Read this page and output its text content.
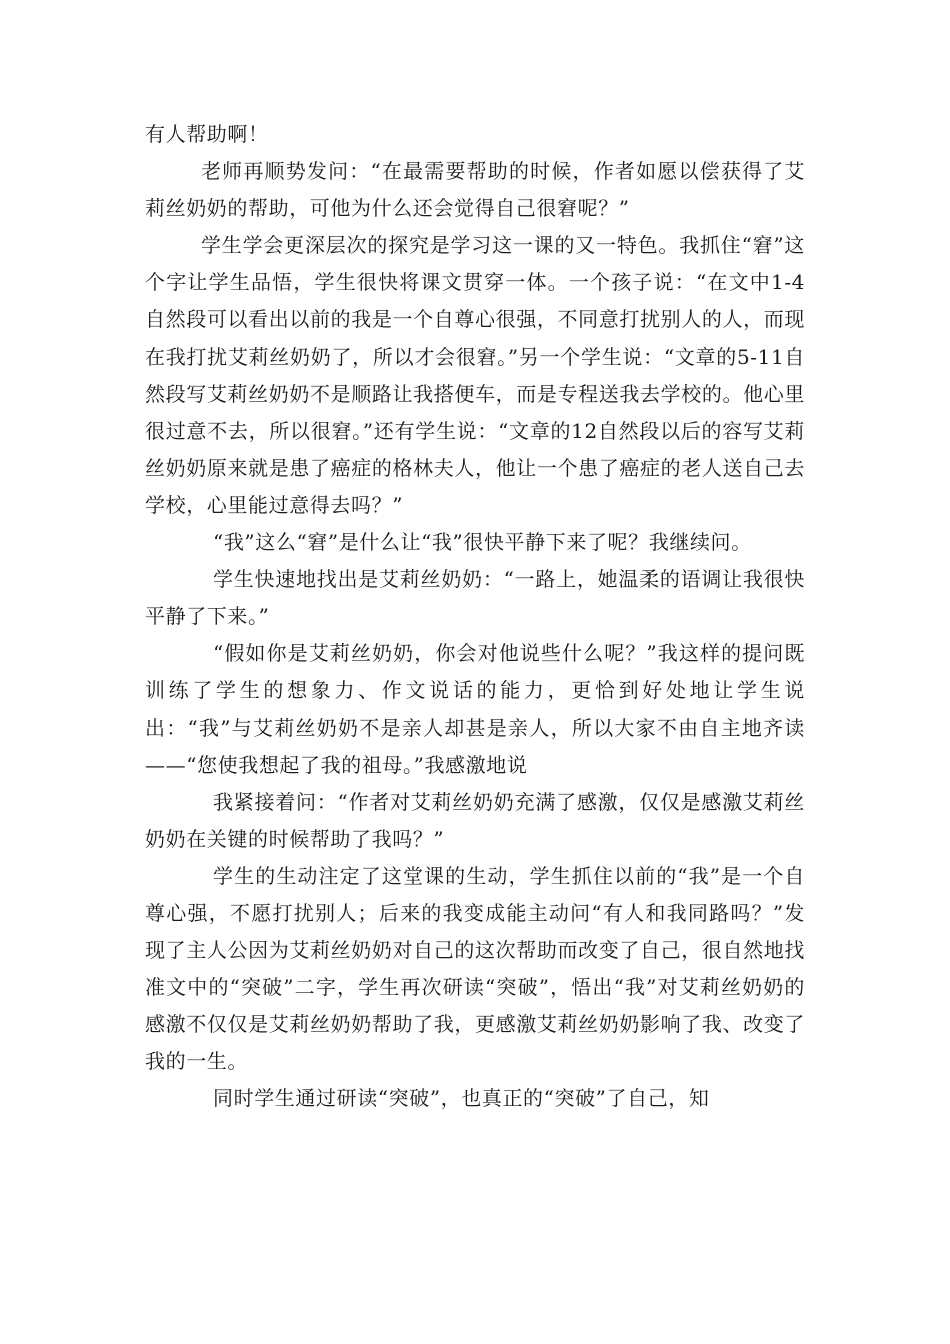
有人帮助啊！

老师再顺势发问：“在最需要帮助的时候，作者如愿以偿获得了艾莉丝奶奶的帮助，可他为什么还会觉得自己很窘呢？”

学生学会更深层次的探究是学习这一课的又一特色。我抓住“窘”这个字让学生品悟，学生很快将课文贯穿一体。一个孩子说：“在文中1-4自然段可以看出以前的我是一个自尊心很强，不同意打扰别人的人，而现在我打扰艾莉丝奶奶了，所以才会很窘。”另一个学生说：“文章的5-11自然段写艾莉丝奶奶不是顺路让我搭便车，而是专程送我去学校的。他心里很过意不去，所以很窘。”还有学生说：“文章的12自然段以后的容写艾莉丝奶奶原来就是患了癌症的格林夫人，他让一个患了癌症的老人送自己去学校，心里能过意得去吗？”

“我”这么“窘”是什么让“我”很快平静下来了呢？我继续问。

学生快速地找出是艾莉丝奶奶：“一路上，她温柔的语调让我很快平静了下来。”

“假如你是艾莉丝奶奶，你会对他说些什么呢？”我这样的提问既训练了学生的想象力、作文说话的能力，更恰到好处地让学生说出：“我”与艾莉丝奶奶不是亲人却甚是亲人，所以大家不由自主地齐读——“您使我想起了我的祖母。”我感激地说

我紧接着问：“作者对艾莉丝奶奶充满了感激，仅仅是感激艾莉丝奶奶在关键的时候帮助了我吗？”

学生的生动注定了这堂课的生动，学生抓住以前的“我”是一个自尊心强，不愿打扰别人；后来的我变成能主动问“有人和我同路吗？”发现了主人公因为艾莉丝奶奶对自己的这次帮助而改变了自己，很自然地找准文中的“突破”二字，学生再次研读“突破”，悟出“我”对艾莉丝奶奶的感激不仅仅是艾莉丝奶奶帮助了我，更感激艾莉丝奶奶影响了我、改变了我的一生。

同时学生通过研读“突破”，也真正的“突破”了自己，知
